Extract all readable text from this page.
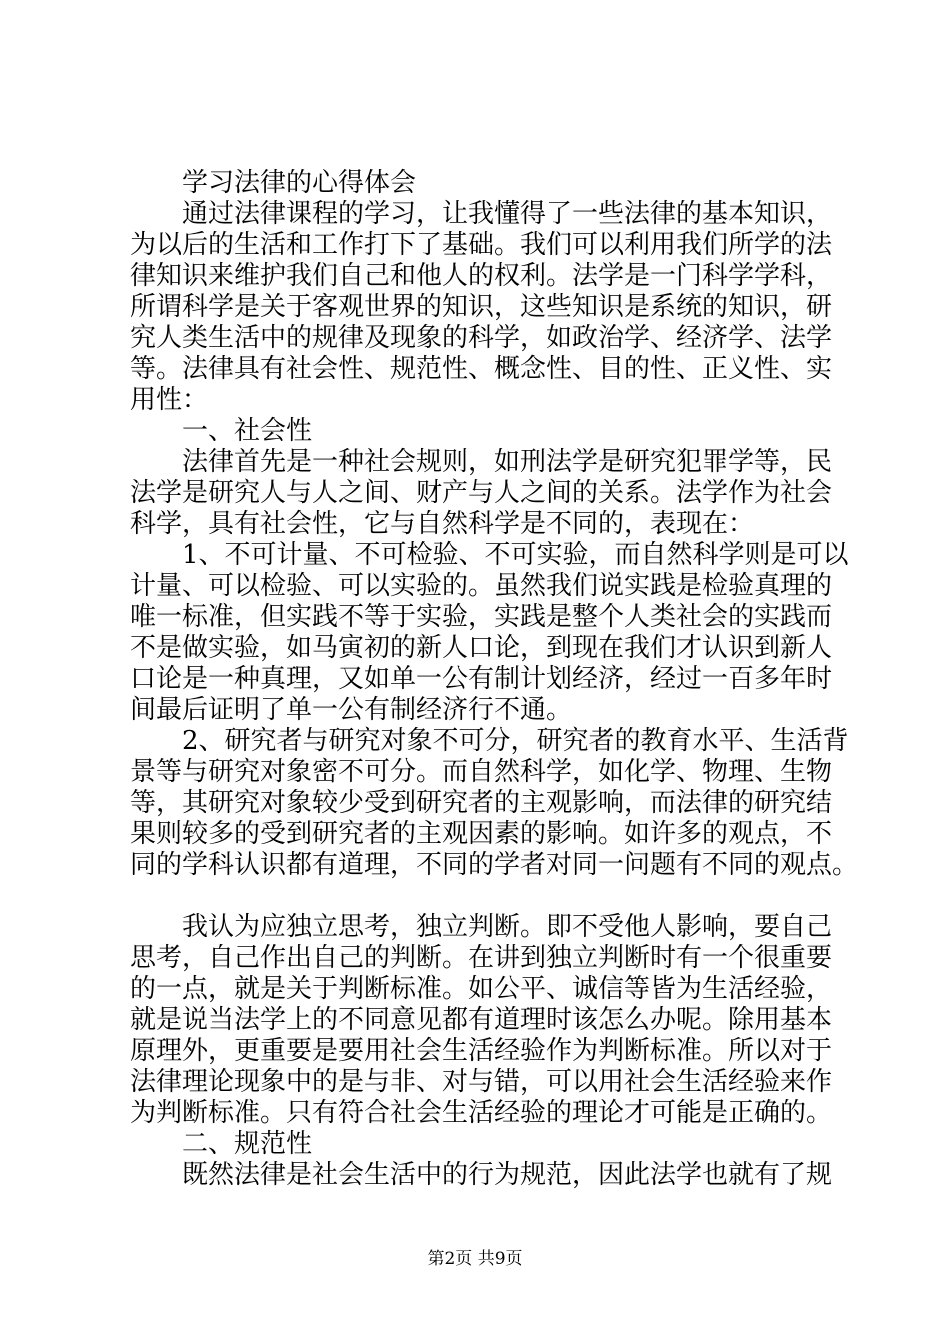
学习法律的心得体会
通过法律课程的学习，让我懂得了一些法律的基本知识，
为以后的生活和工作打下了基础。我们可以利用我们所学的法
律知识来维护我们自己和他人的权利。法学是一门科学学科，
所谓科学是关于客观世界的知识，这些知识是系统的知识，研
究人类生活中的规律及现象的科学，如政治学、经济学、法学
等。法律具有社会性、规范性、概念性、目的性、正义性、实
用性：
一、社会性
法律首先是一种社会规则，如刑法学是研究犯罪学等，民
法学是研究人与人之间、财产与人之间的关系。法学作为社会
科学，具有社会性，它与自然科学是不同的，表现在：
1、不可计量、不可检验、不可实验，而自然科学则是可以
计量、可以检验、可以实验的。虽然我们说实践是检验真理的
唯一标准，但实践不等于实验，实践是整个人类社会的实践而
不是做实验，如马寅初的新人口论，到现在我们才认识到新人
口论是一种真理，又如单一公有制计划经济，经过一百多年时
间最后证明了单一公有制经济行不通。
2、研究者与研究对象不可分，研究者的教育水平、生活背
景等与研究对象密不可分。而自然科学，如化学、物理、生物
等，其研究对象较少受到研究者的主观影响，而法律的研究结
果则较多的受到研究者的主观因素的影响。如许多的观点，不
同的学科认识都有道理，不同的学者对同一问题有不同的观点。
我认为应独立思考，独立判断。即不受他人影响，要自己
思考，自己作出自己的判断。在讲到独立判断时有一个很重要
的一点，就是关于判断标准。如公平、诚信等皆为生活经验，
就是说当法学上的不同意见都有道理时该怎么办呢。除用基本
原理外，更重要是要用社会生活经验作为判断标准。所以对于
法律理论现象中的是与非、对与错，可以用社会生活经验来作
为判断标准。只有符合社会生活经验的理论才可能是正确的。
二、规范性
既然法律是社会生活中的行为规范，因此法学也就有了规
第2页 共9页
